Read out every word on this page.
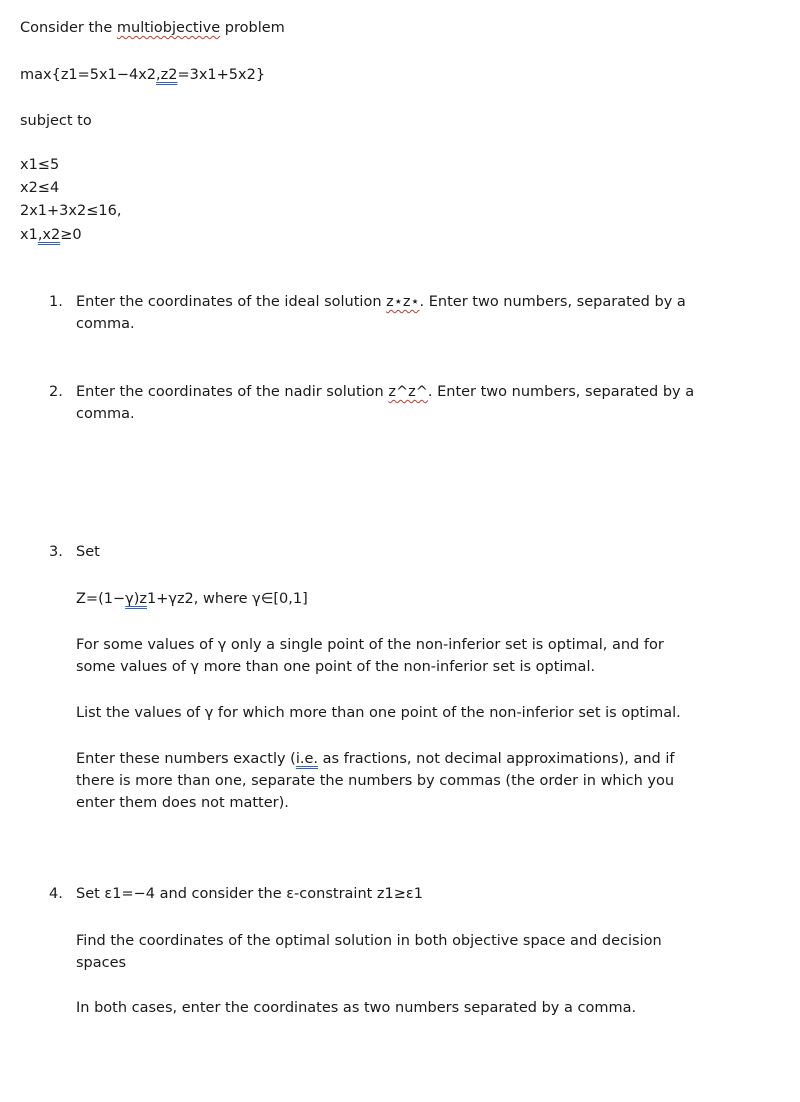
Consider the multiobjective problem
max{z1=5x1−4x2,z2=3x1+5x2}
subject to
x1≤5
x2≤4
2x1+3x2≤16,
x1,x2≥0
1. Enter the coordinates of the ideal solution z⋆z⋆. Enter two numbers, separated by a
comma.
2. Enter the coordinates of the nadir solution z^z^. Enter two numbers, separated by a
comma.
3. Set
Z=(1−γ)z1+γz2, where γ∈[0,1]
For some values of γ only a single point of the non-inferior set is optimal, and for
some values of γ more than one point of the non-inferior set is optimal.
List the values of γ for which more than one point of the non-inferior set is optimal.
Enter these numbers exactly (i.e. as fractions, not decimal approximations), and if
there is more than one, separate the numbers by commas (the order in which you
enter them does not matter).
4. Set ε1=−4 and consider the ε-constraint z1≥ε1
Find the coordinates of the optimal solution in both objective space and decision
spaces
In both cases, enter the coordinates as two numbers separated by a comma.
